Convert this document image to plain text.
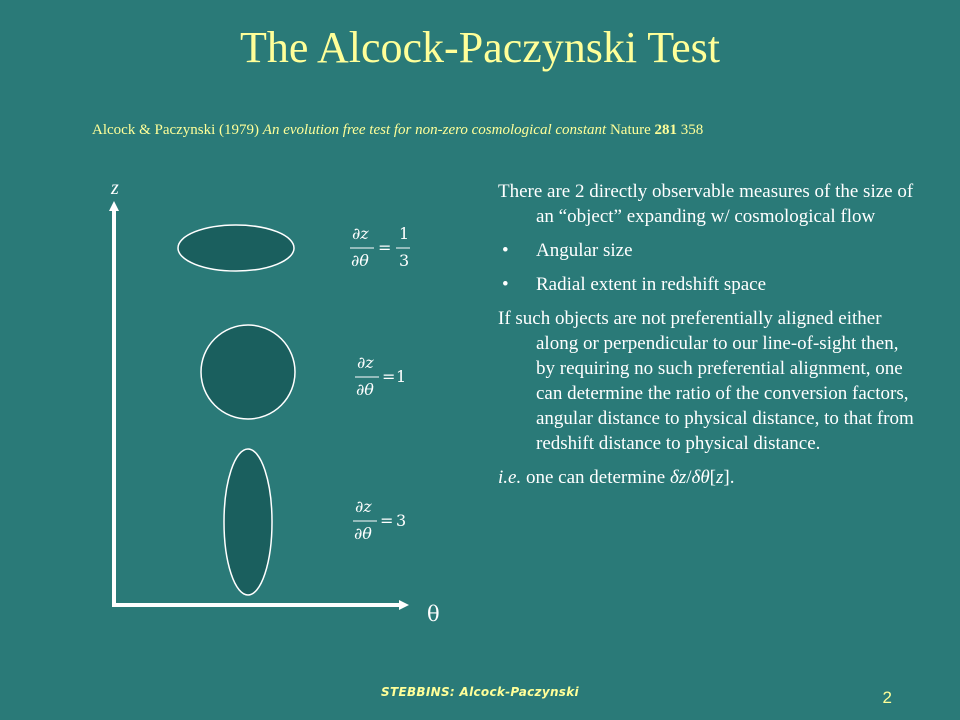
The Alcock-Paczynski Test
Alcock & Paczynski (1979) An evolution free test for non-zero cosmological constant Nature 281 358
z
θ
∂z
∂θ
=
1
3
∂z
∂θ
= 1
∂z
∂θ
= 3

There are 2 directly observable measures of the size of an “object” expanding w/ cosmological flow

• Angular size
• Radial extent in redshift space

If such objects are not preferentially aligned either along or perpendicular to our line-of-sight then, by requiring no such preferential alignment, one can determine the ratio of the conversion factors, angular distance to physical distance, to that from redshift distance to physical distance.

i.e. one can determine δz/δθ[z].

STEBBINS: Alcock-Paczynski	2
